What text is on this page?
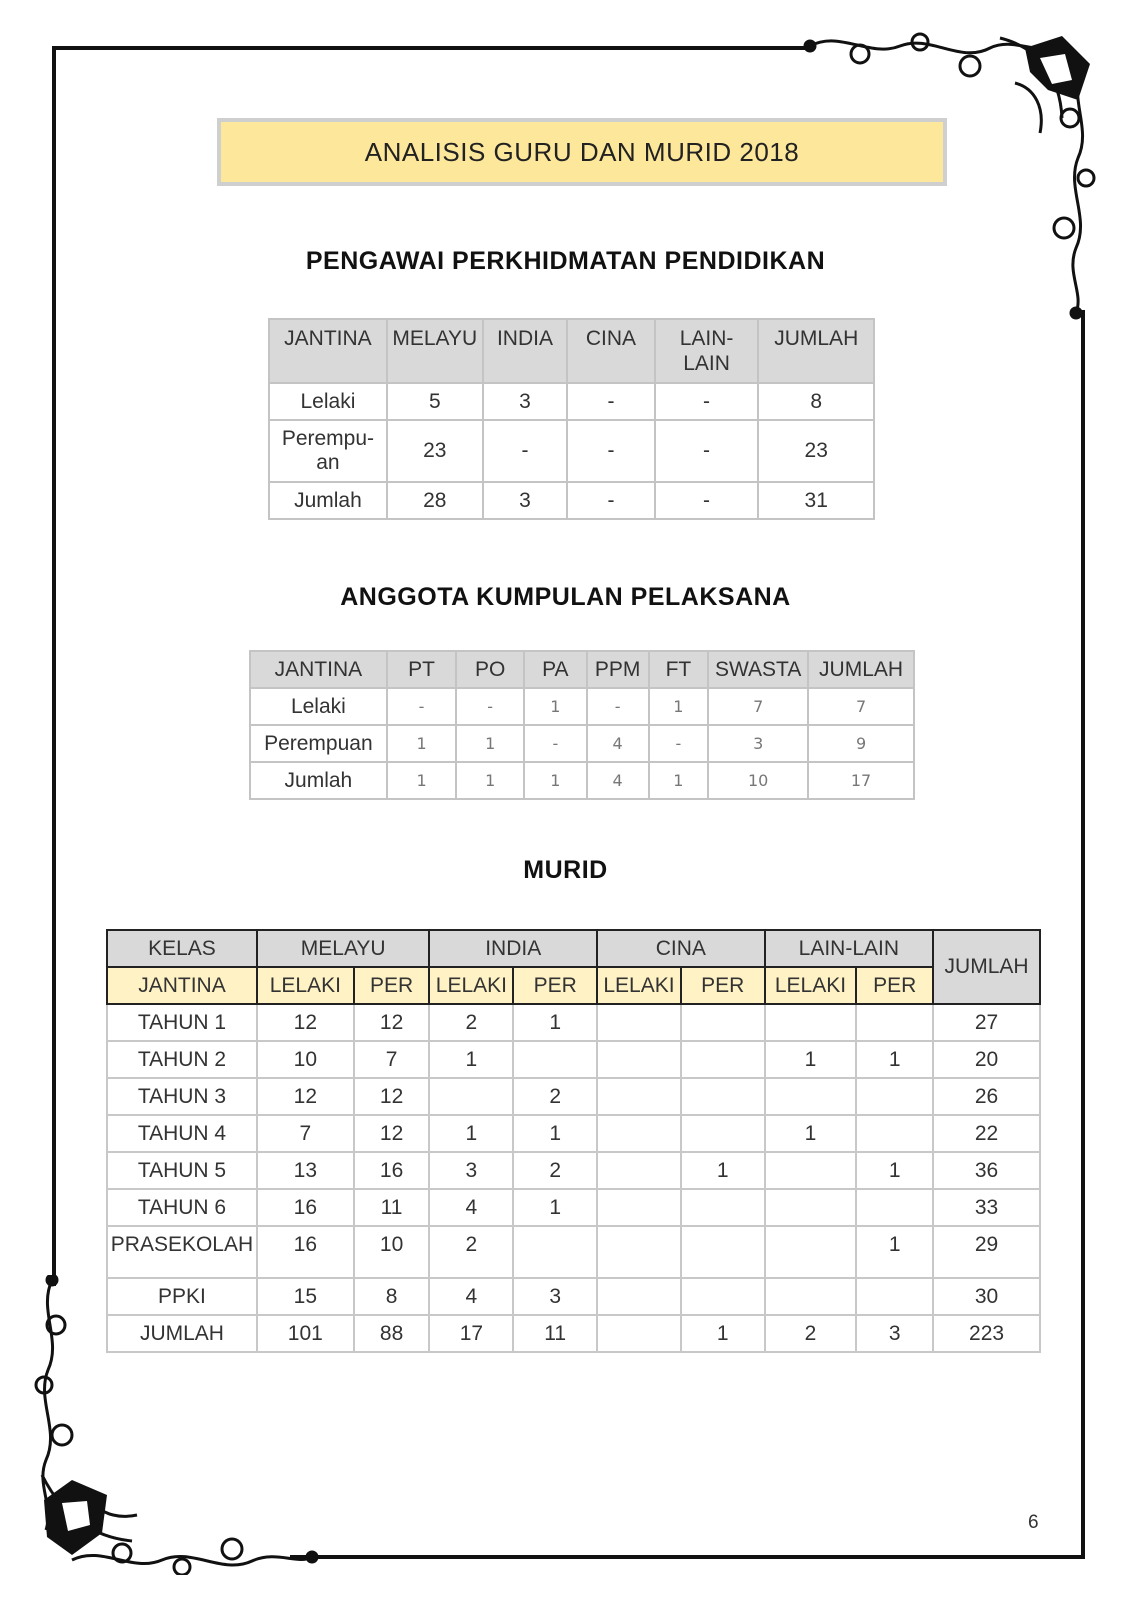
ANALISIS GURU DAN MURID 2018
PENGAWAI PERKHIDMATAN PENDIDIKAN
JANTINA	MELAYU	INDIA	CINA	LAIN-LAIN	JUMLAH
Lelaki	5	3	-	-	8
Perempu-an	23	-	-	-	23
Jumlah	28	3	-	-	31
ANGGOTA KUMPULAN PELAKSANA
JANTINA	PT	PO	PA	PPM	FT	SWASTA	JUMLAH
Lelaki	-	-	1	-	1	7	7
Perempuan	1	1	-	4	-	3	9
Jumlah	1	1	1	4	1	10	17
MURID
KELAS	MELAYU		INDIA		CINA		LAIN-LAIN		JUMLAH
JANTINA	LELAKI	PER	LELAKI	PER	LELAKI	PER	LELAKI	PER	
TAHUN 1	12	12	2	1					27
TAHUN 2	10	7	1				1	1	20
TAHUN 3	12	12		2					26
TAHUN 4	7	12	1	1			1		22
TAHUN 5	13	16	3	2		1		1	36
TAHUN 6	16	11	4	1					33
PRASEKOLAH	16	10	2					1	29
PPKI	15	8	4	3					30
JUMLAH	101	88	17	11		1	2	3	223
6
